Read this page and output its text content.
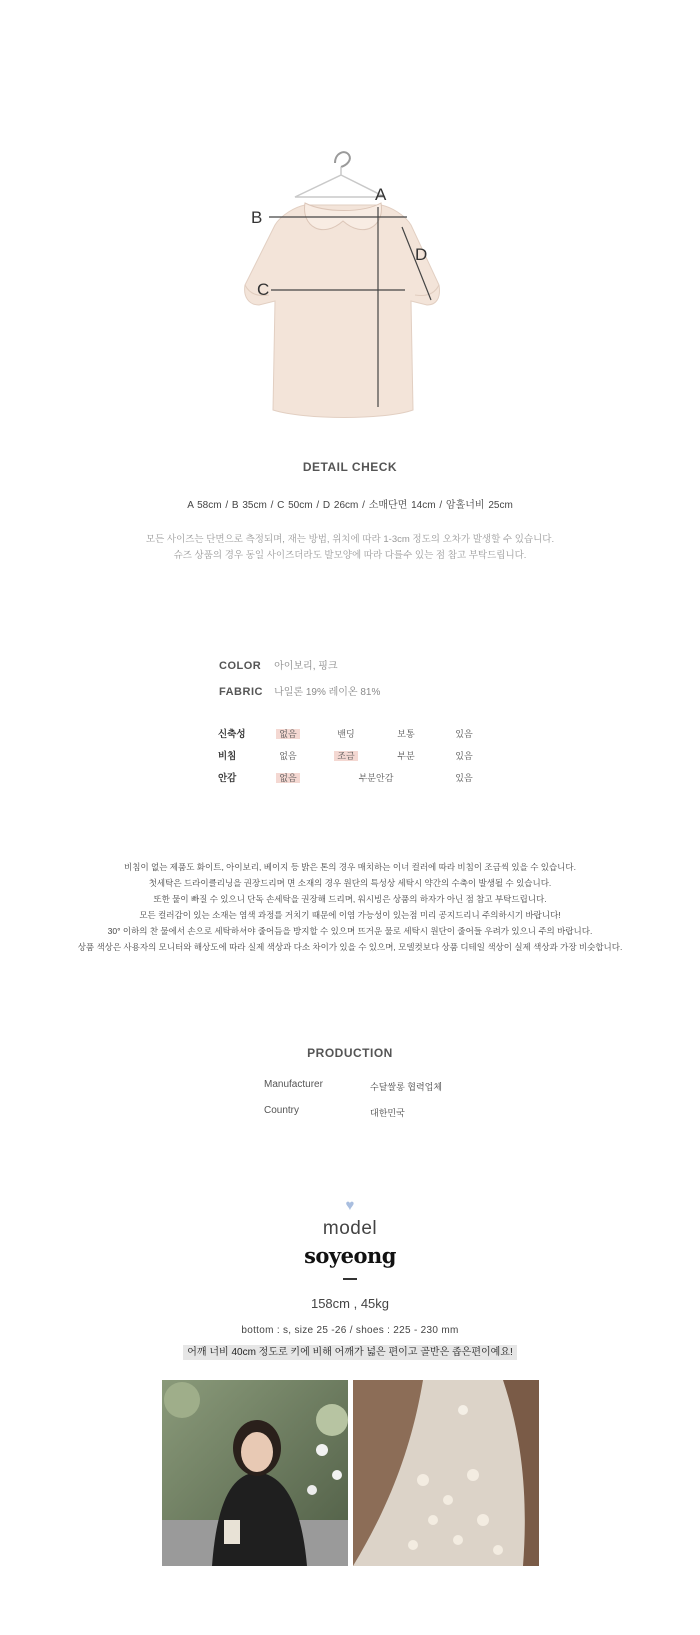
A
B
C
D
DETAIL CHECK
A 58cm / B 35cm / C 50cm / D 26cm / 소매단면 14cm / 암홀너비 25cm
모든 사이즈는 단면으로 측정되며, 재는 방법, 위치에 따라 1-3cm 정도의 오차가 발생할 수 있습니다.
슈즈 상품의 경우 동일 사이즈더라도 발모양에 따라 다를수 있는 점 참고 부탁드립니다.
COLOR 아이보리, 핑크
FABRIC 나일론 19% 레이온 81%
신축성	없음	밴딩	보통	있음
비침	없음	조금	부분	있음
안감	없음	부분안감	있음
비침이 없는 제품도 화이트, 아이보리, 베이지 등 밝은 톤의 경우 매치하는 이너 컬러에 따라 비침이 조금씩 있을 수 있습니다.
첫세탁은 드라이클리닝을 권장드리며 면 소재의 경우 원단의 특성상 세탁시 약간의 수축이 발생될 수 있습니다.
또한 물이 빠질 수 있으니 단독 손세탁을 권장해 드리며, 워시빙은 상품의 하자가 아닌 점 참고 부탁드립니다.
모든 컬러감이 있는 소재는 염색 과정를 거치기 때문에 이염 가능성이 있는점 미리 공지드리니 주의하시기 바랍니다!
30° 이하의 찬 물에서 손으로 세탁하셔야 줄어듬을 방지할 수 있으며 뜨거운 물로 세탁시 원단이 줄어들 우려가 있으니 주의 바랍니다.
상품 색상은 사용자의 모니터와 해상도에 따라 실제 색상과 다소 차이가 있을 수 있으며, 모델컷보다 상품 디테일 색상이 실제 색상과 가장 비슷합니다.
PRODUCTION
Manufacturer	수달쌀롱 협력업체
Country	대한민국
♥
model
soyeong
158cm , 45kg
bottom : s, size 25 -26 / shoes : 225 - 230 mm
어깨 너비 40cm 정도로 키에 비해 어깨가 넓은 편이고 골반은 좁은편이예요!
